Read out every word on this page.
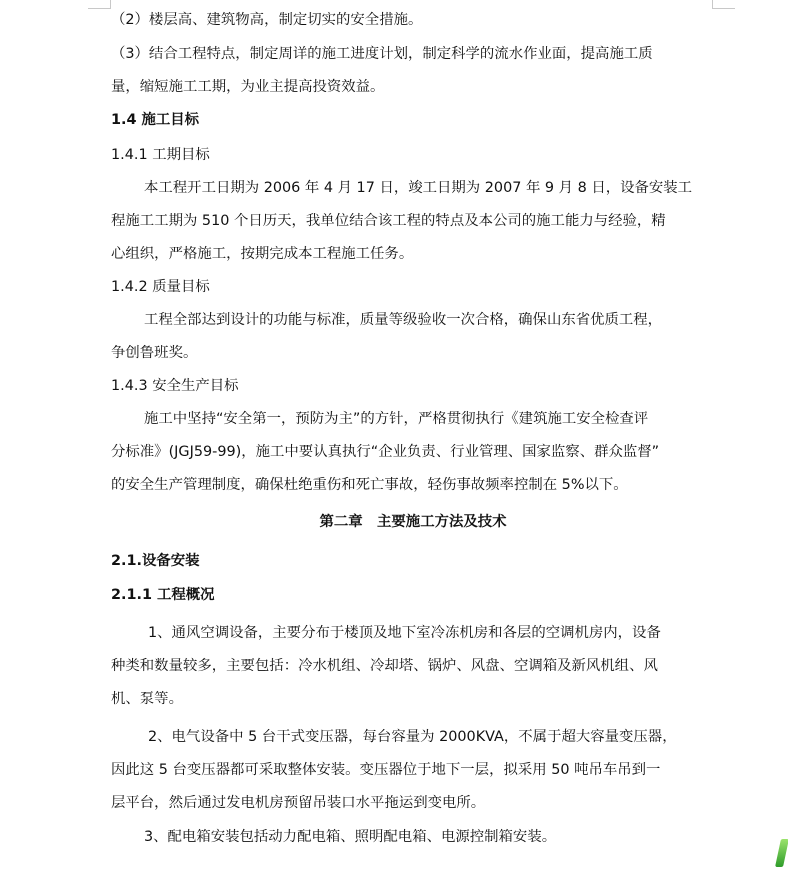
（2）楼层高、建筑物高，制定切实的安全措施。
（3）结合工程特点，制定周详的施工进度计划，制定科学的流水作业面，提高施工质
量，缩短施工工期，为业主提高投资效益。
1.4 施工目标
1.4.1 工期目标
本工程开工日期为 2006 年 4 月 17 日，竣工日期为 2007 年 9 月 8 日，设备安装工
程施工工期为 510 个日历天，我单位结合该工程的特点及本公司的施工能力与经验，精
心组织，严格施工，按期完成本工程施工任务。
1.4.2 质量目标
工程全部达到设计的功能与标准，质量等级验收一次合格，确保山东省优质工程，
争创鲁班奖。
1.4.3 安全生产目标
施工中坚持“安全第一，预防为主”的方针，严格贯彻执行《建筑施工安全检查评
分标准》(JGJ59-99)，施工中要认真执行“企业负责、行业管理、国家监察、群众监督”
的安全生产管理制度，确保杜绝重伤和死亡事故，轻伤事故频率控制在 5%以下。
第二章　主要施工方法及技术
2.1.设备安装
2.1.1 工程概况
1、通风空调设备，主要分布于楼顶及地下室冷冻机房和各层的空调机房内，设备
种类和数量较多，主要包括：冷水机组、冷却塔、锅炉、风盘、空调箱及新风机组、风
机、泵等。
2、电气设备中 5 台干式变压器，每台容量为 2000KVA，不属于超大容量变压器，
因此这 5 台变压器都可采取整体安装。变压器位于地下一层，拟采用 50 吨吊车吊到一
层平台，然后通过发电机房预留吊装口水平拖运到变电所。
3、配电箱安装包括动力配电箱、照明配电箱、电源控制箱安装。
